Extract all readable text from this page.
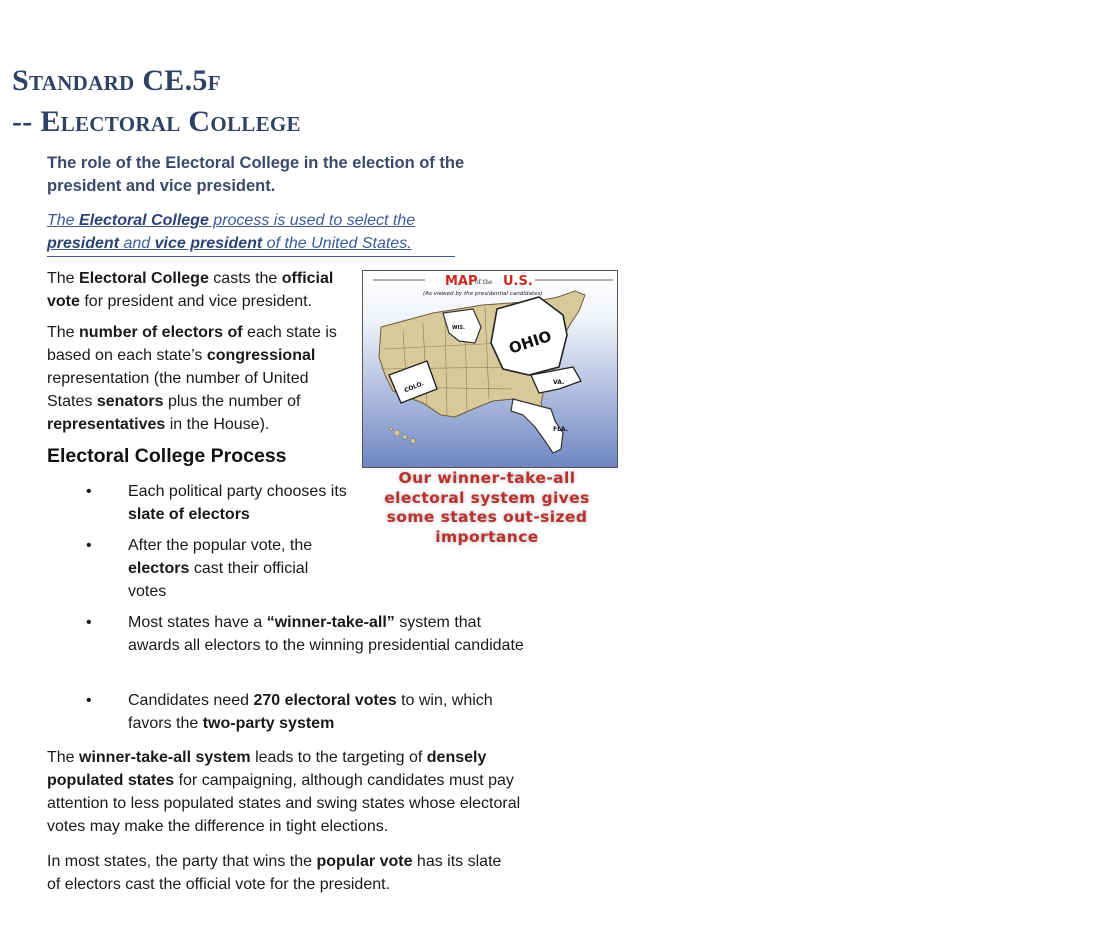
Standard CE.5f
-- Electoral College

The role of the Electoral College in the election of the president and vice president.

The Electoral College process is used to select the president and vice president of the United States.

The Electoral College casts the official vote for president and vice president.

The number of electors of each state is based on each state’s congressional representation (the number of United States senators plus the number of representatives in the House).

Electoral College Process
•	Each political party chooses its slate of electors
•	After the popular vote, the electors cast their official votes
•	Most states have a “winner-take-all” system that awards all electors to the winning presidential candidate
•	Candidates need 270 electoral votes to win, which favors the two-party system

The winner-take-all system leads to the targeting of densely populated states for campaigning, although candidates must pay attention to less populated states and swing states whose electoral votes may make the difference in tight elections.

In most states, the party that wins the popular vote has its slate of electors cast the official vote for the president.

MAP
of the U.S.
(As viewed by the presidential candidates)
WIS.	OHIO
COLO.	VA.
FLA.

Our winner-take-all electoral system gives some states out-sized importance
